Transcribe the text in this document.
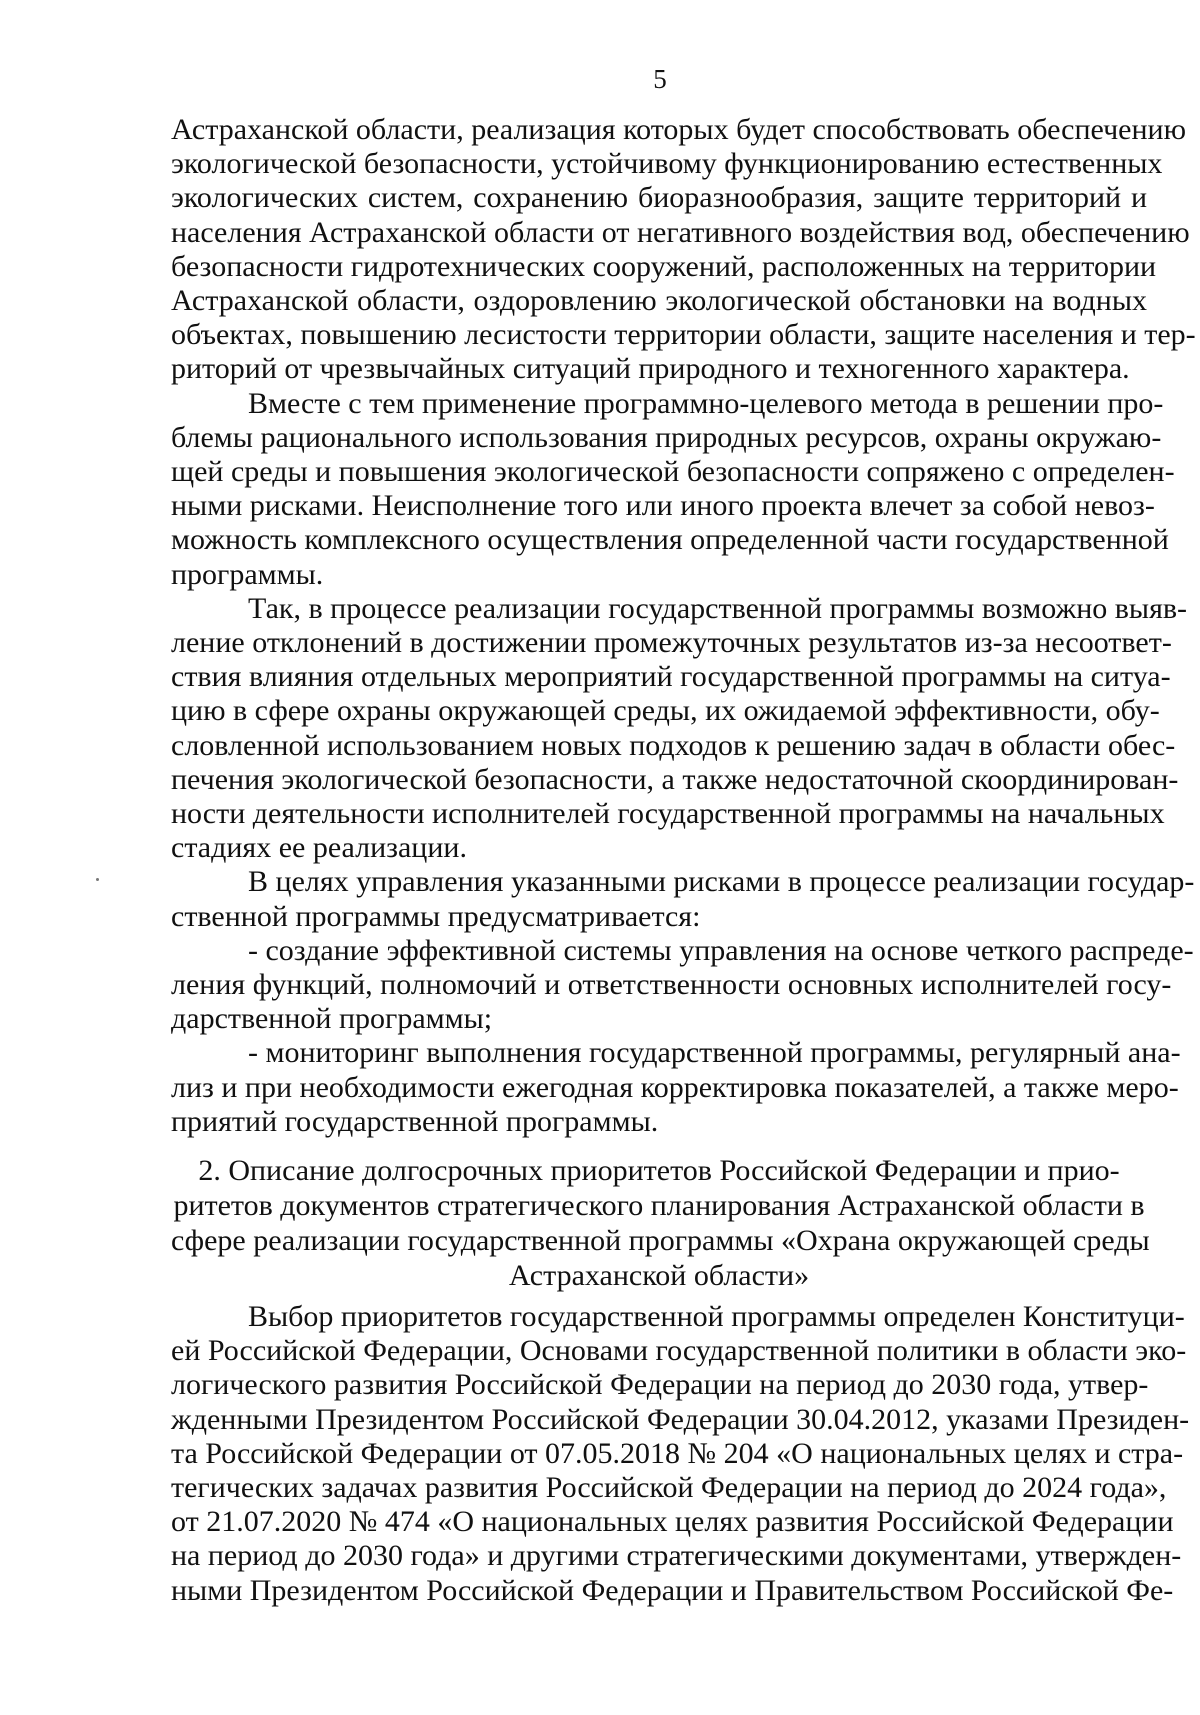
5
Астраханской области, реализация которых будет способствовать обеспечению
экологической безопасности, устойчивому функционированию естественных
экологических систем, сохранению биоразнообразия, защите территорий и
населения Астраханской области от негативного воздействия вод, обеспечению
безопасности гидротехнических сооружений, расположенных на территории
Астраханской области, оздоровлению экологической обстановки на водных
объектах, повышению лесистости территории области, защите населения и тер-
риторий от чрезвычайных ситуаций природного и техногенного характера.
Вместе с тем применение программно-целевого метода в решении про-
блемы рационального использования природных ресурсов, охраны окружаю-
щей среды и повышения экологической безопасности сопряжено с определен-
ными рисками. Неисполнение того или иного проекта влечет за собой невоз-
можность комплексного осуществления определенной части государственной
программы.
Так, в процессе реализации государственной программы возможно выяв-
ление отклонений в достижении промежуточных результатов из-за несоответ-
ствия влияния отдельных мероприятий государственной программы на ситуа-
цию в сфере охраны окружающей среды, их ожидаемой эффективности, обу-
словленной использованием новых подходов к решению задач в области обес-
печения экологической безопасности, а также недостаточной скоординирован-
ности деятельности исполнителей государственной программы на начальных
стадиях ее реализации.
В целях управления указанными рисками в процессе реализации государ-
ственной программы предусматривается:
- создание эффективной системы управления на основе четкого распреде-
ления функций, полномочий и ответственности основных исполнителей госу-
дарственной программы;
- мониторинг выполнения государственной программы, регулярный ана-
лиз и при необходимости ежегодная корректировка показателей, а также меро-
приятий государственной программы.
2. Описание долгосрочных приоритетов Российской Федерации и прио-
ритетов документов стратегического планирования Астраханской области в
сфере реализации государственной программы «Охрана окружающей среды
Астраханской области»
Выбор приоритетов государственной программы определен Конституци-
ей Российской Федерации, Основами государственной политики в области эко-
логического развития Российской Федерации на период до 2030 года, утвер-
жденными Президентом Российской Федерации 30.04.2012, указами Президен-
та Российской Федерации от 07.05.2018 № 204 «О национальных целях и стра-
тегических задачах развития Российской Федерации на период до 2024 года»,
от 21.07.2020 № 474 «О национальных целях развития Российской Федерации
на период до 2030 года» и другими стратегическими документами, утвержден-
ными Президентом Российской Федерации и Правительством Российской Фе-
